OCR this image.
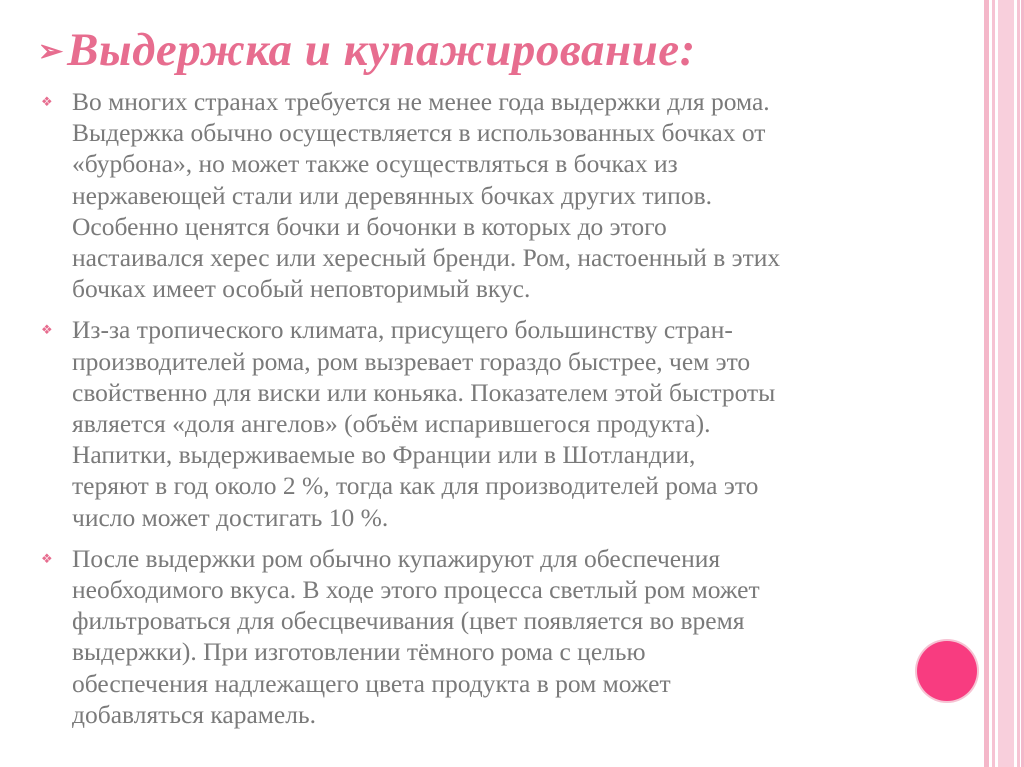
➢ Выдержка и купажирование:
❖ Во многих странах требуется не менее года выдержки для рома.
Выдержка обычно осуществляется в использованных бочках от
«бурбона», но может также осуществляться в бочках из
нержавеющей стали или деревянных бочках других типов.
Особенно ценятся бочки и бочонки в которых до этого
настаивался херес или хересный бренди. Ром, настоенный в этих
бочках имеет особый неповторимый вкус.
❖ Из-за тропического климата, присущего большинству стран-
производителей рома, ром вызревает гораздо быстрее, чем это
свойственно для виски или коньяка. Показателем этой быстроты
является «доля ангелов» (объём испарившегося продукта).
Напитки, выдерживаемые во Франции или в Шотландии,
теряют в год около 2 %, тогда как для производителей рома это
число может достигать 10 %.
❖ После выдержки ром обычно купажируют для обеспечения
необходимого вкуса. В ходе этого процесса светлый ром может
фильтроваться для обесцвечивания (цвет появляется во время
выдержки). При изготовлении тёмного рома с целью
обеспечения надлежащего цвета продукта в ром может
добавляться карамель.
